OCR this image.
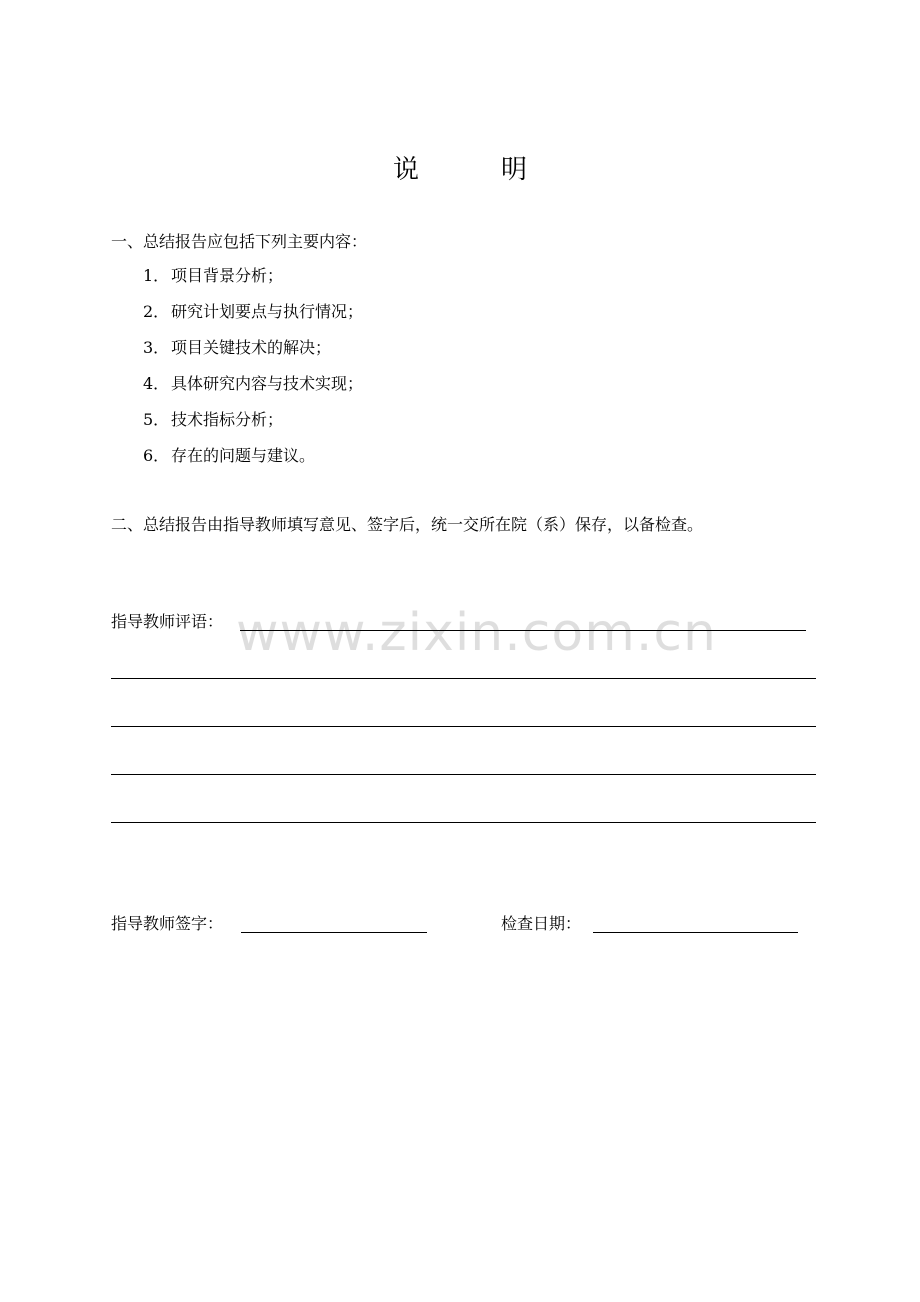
说	明
一、总结报告应包括下列主要内容：
1． 项目背景分析；
2． 研究计划要点与执行情况；
3． 项目关键技术的解决；
4． 具体研究内容与技术实现；
5． 技术指标分析；
6． 存在的问题与建议。
二、总结报告由指导教师填写意见、签字后，统一交所在院（系）保存，以备检查。
指导教师评语： www.zixin.com.cn
指导教师签字：	检查日期：
